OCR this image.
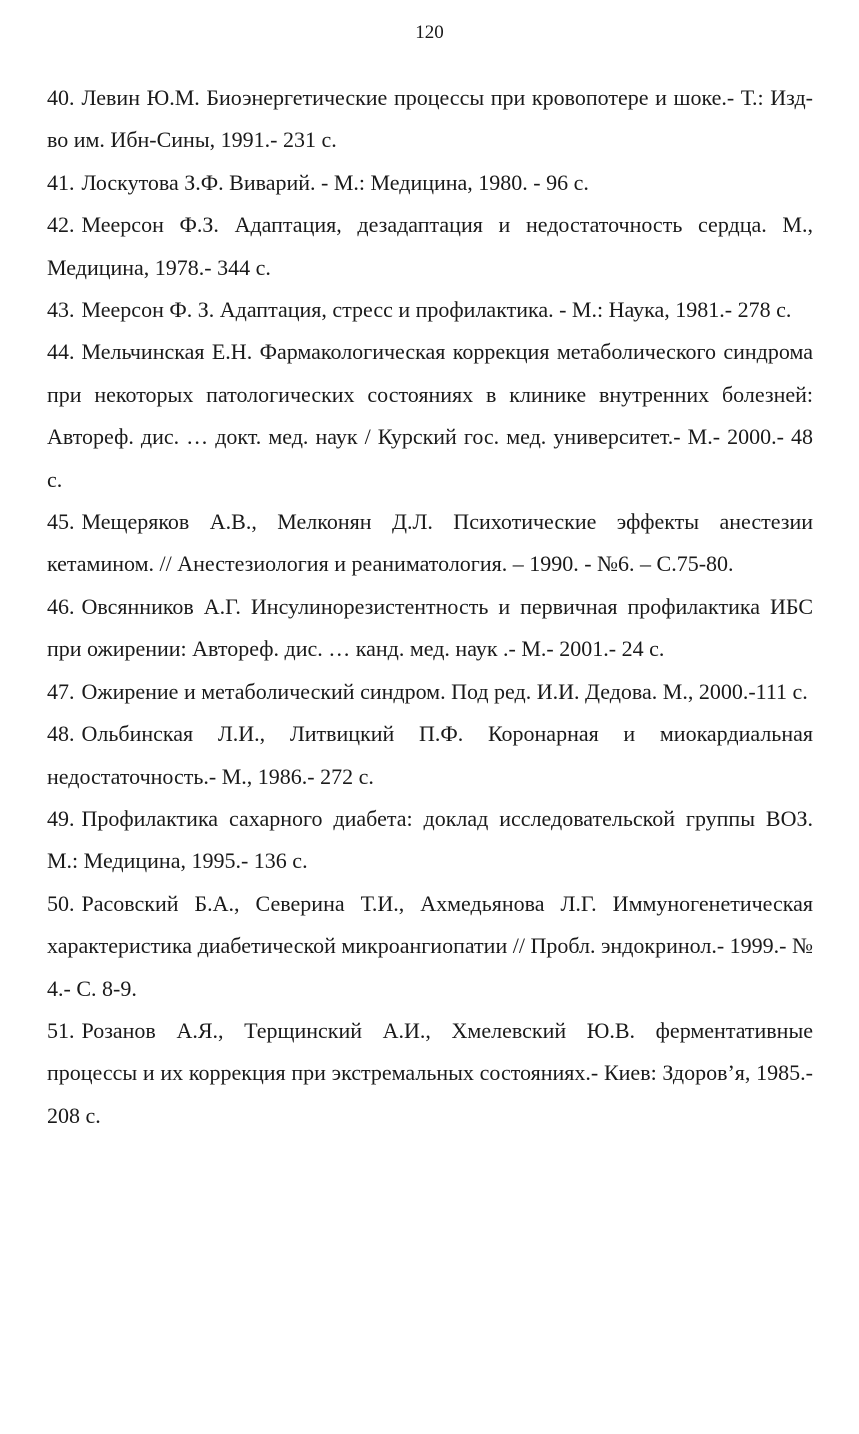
120

40. Левин Ю.М. Биоэнергетические процессы при кровопотере и шоке.- Т.: Изд-во им. Ибн-Сины, 1991.- 231 с.

41. Лоскутова З.Ф. Виварий. - М.: Медицина, 1980. - 96 с.

42. Меерсон Ф.З. Адаптация, дезадаптация и недостаточность сердца. М., Медицина, 1978.- 344 с.

43. Меерсон Ф. З. Адаптация, стресс и профилактика. - М.: Наука, 1981.- 278 с.

44. Мельчинская Е.Н. Фармакологическая коррекция метаболического синдрома при некоторых патологических состояниях в клинике внутренних болезней: Автореф. дис. … докт. мед. наук / Курский гос. мед. университет.- М.- 2000.- 48 с.

45. Мещеряков А.В., Мелконян Д.Л. Психотические эффекты анестезии кетамином. // Анестезиология и реаниматология. – 1990. - №6. – С.75-80.

46. Овсянников А.Г. Инсулинорезистентность и первичная профилактика ИБС при ожирении: Автореф. дис. … канд. мед. наук .- М.- 2001.- 24 с.

47. Ожирение и метаболический синдром. Под ред. И.И. Дедова. М., 2000.-111 с.

48. Ольбинская Л.И., Литвицкий П.Ф. Коронарная и миокардиальная недостаточность.- М., 1986.- 272 с.

49. Профилактика сахарного диабета: доклад исследовательской группы ВОЗ. М.: Медицина, 1995.- 136 с.

50. Расовский Б.А., Северина Т.И., Ахмедьянова Л.Г. Иммуногенетическая характеристика диабетической микроангиопатии // Пробл. эндокринол.- 1999.- № 4.- С. 8-9.

51. Розанов А.Я., Терщинский А.И., Хмелевский Ю.В. ферментативные процессы и их коррекция при экстремальных состояниях.- Киев: Здоров’я, 1985.- 208 с.
